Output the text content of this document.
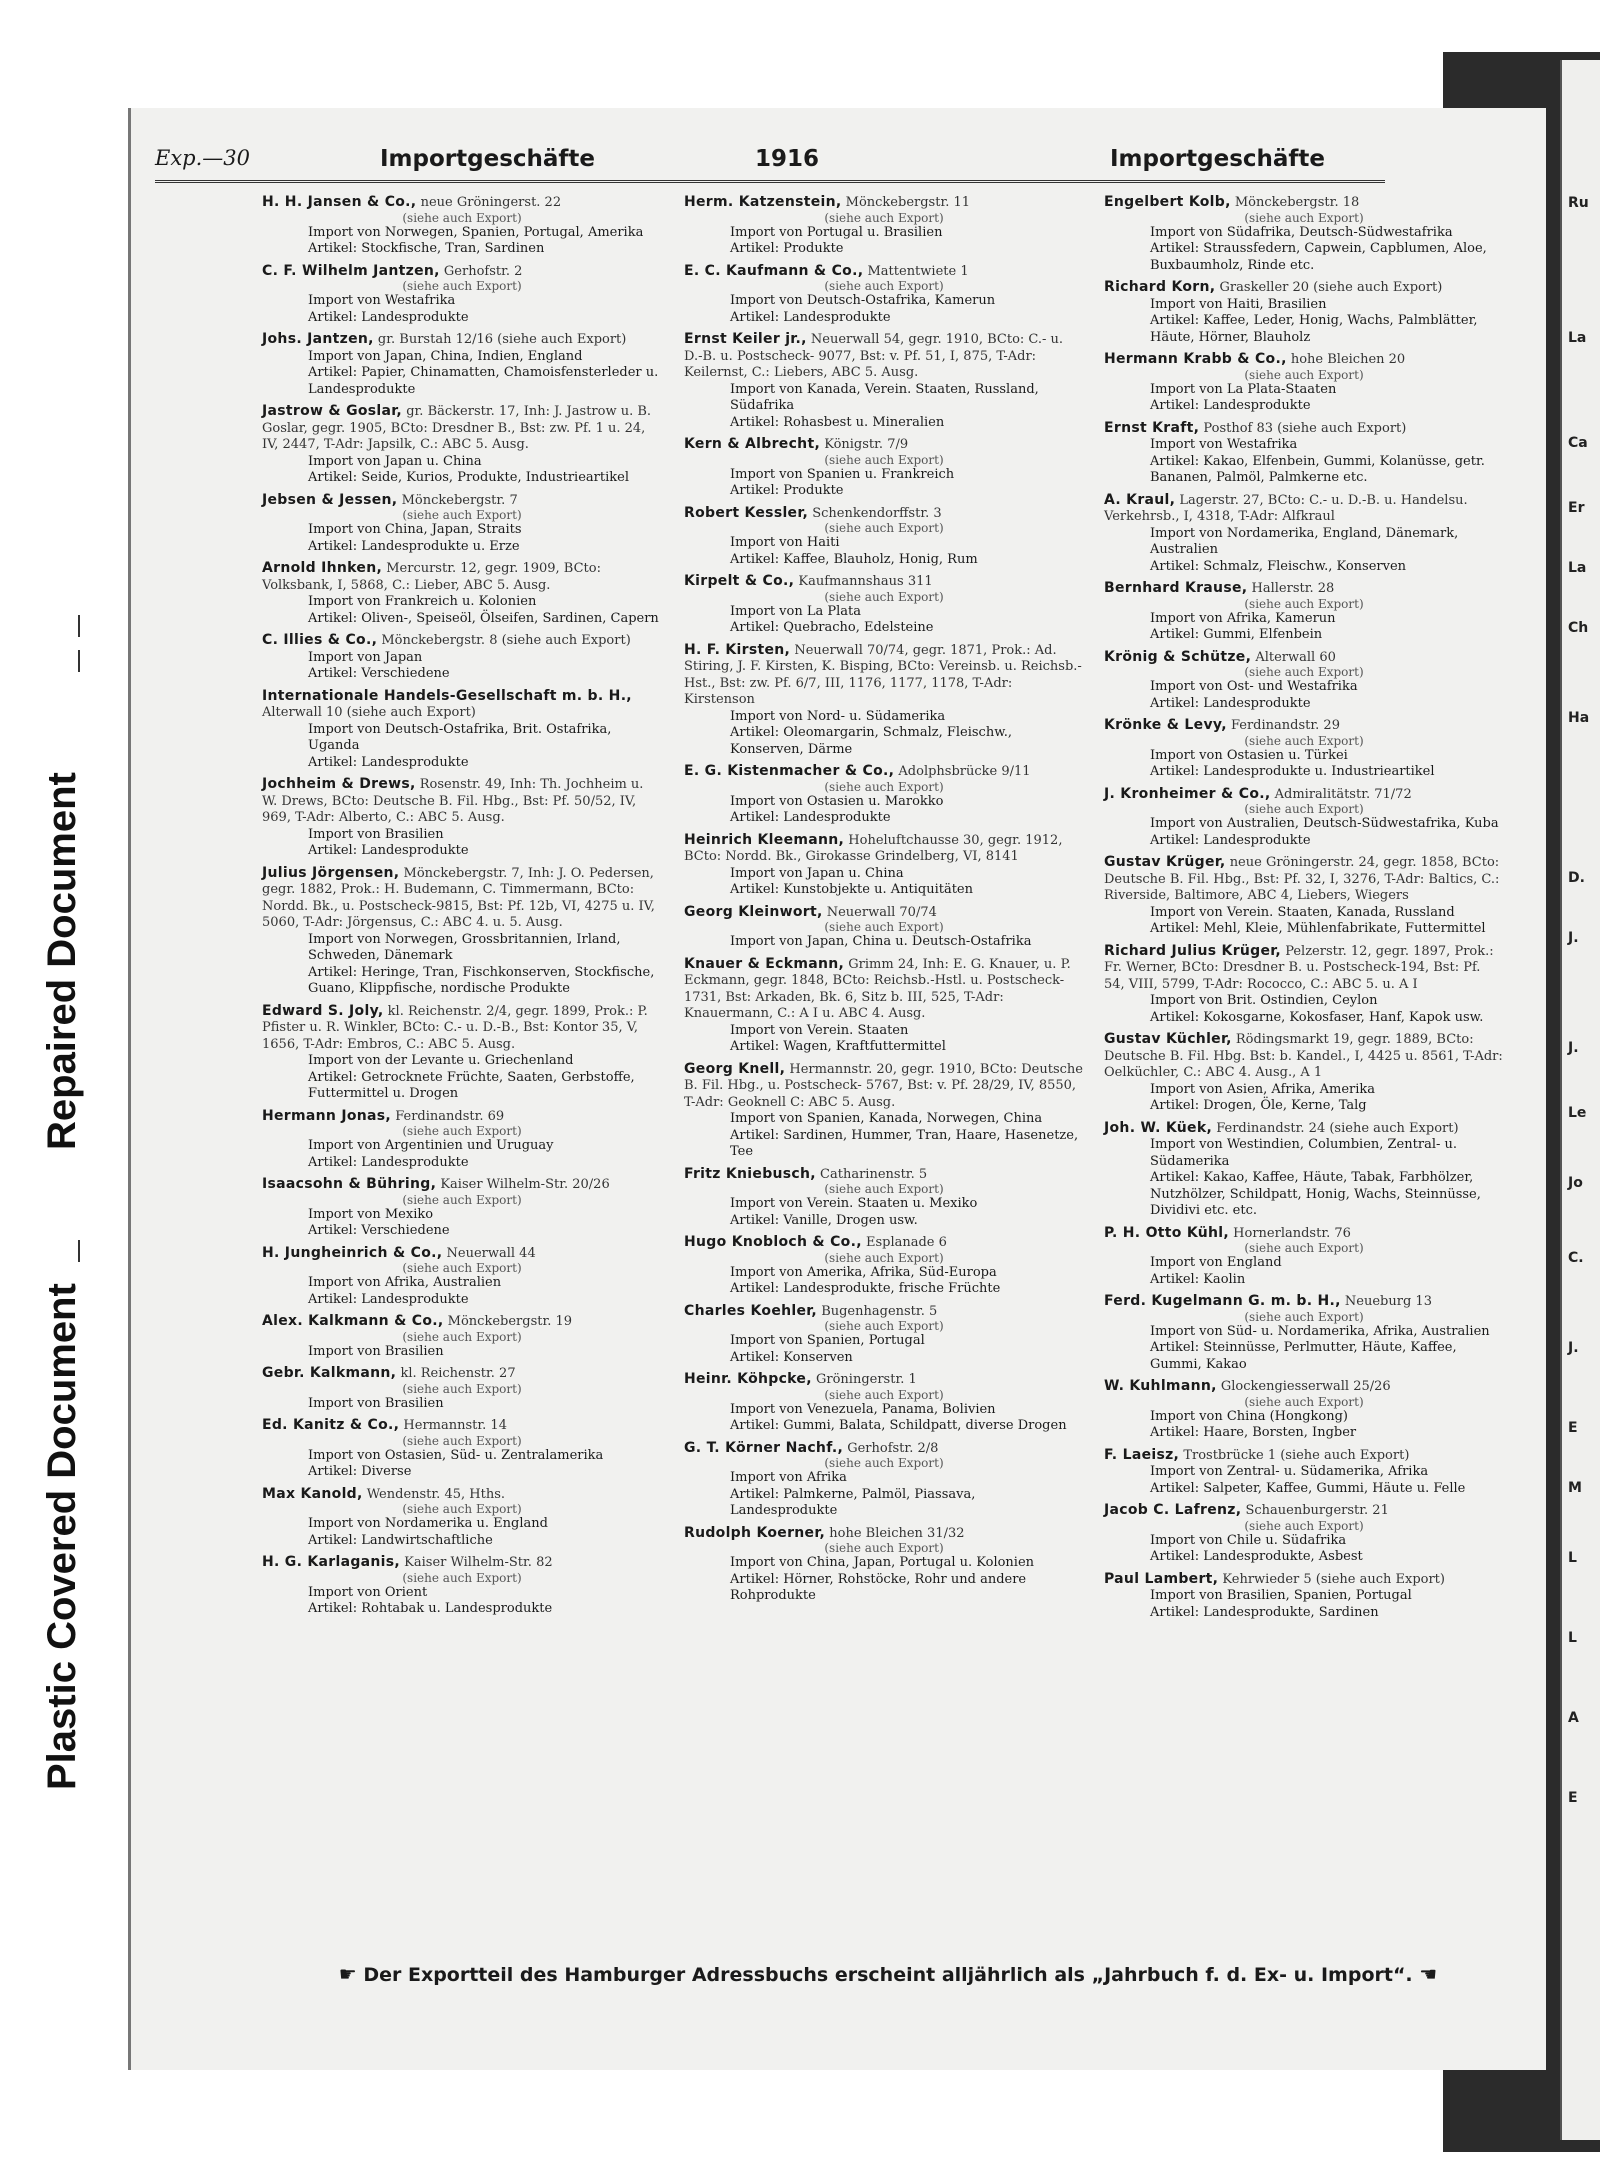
Repaired Document
Plastic Covered Document
Ru
La
Ca
Er
La
Ch
Ha
D.
J.
J.
Le
Jo
C.
J.
E
M
L
L
A
E
Exp.—30	Importgeschäfte	1916	Importgeschäfte
H. H. Jansen & Co., neue Gröningerst. 22
(siehe auch Export)
Import von Norwegen, Spanien, Portugal, Amerika
Artikel: Stockfische, Tran, Sardinen
C. F. Wilhelm Jantzen, Gerhofstr. 2
(siehe auch Export)
Import von Westafrika
Artikel: Landesprodukte
Johs. Jantzen, gr. Burstah 12/16 (siehe auch Export)
Import von Japan, China, Indien, England
Artikel: Papier, Chinamatten, Chamoisfensterleder u. Landesprodukte
Jastrow & Goslar, gr. Bäckerstr. 17, Inh: J. Jastrow u. B. Goslar, gegr. 1905, BCto: Dresdner B., Bst: zw. Pf. 1 u. 24, IV, 2447, T-Adr: Japsilk, C.: ABC 5. Ausg.
Import von Japan u. China
Artikel: Seide, Kurios, Produkte, Industrieartikel
Jebsen & Jessen, Mönckebergstr. 7
(siehe auch Export)
Import von China, Japan, Straits
Artikel: Landesprodukte u. Erze
Arnold Ihnken, Mercurstr. 12, gegr. 1909, BCto: Volksbank, I, 5868, C.: Lieber, ABC 5. Ausg.
Import von Frankreich u. Kolonien
Artikel: Oliven-, Speiseöl, Ölseifen, Sardinen, Capern
C. Illies & Co., Mönckebergstr. 8 (siehe auch Export)
Import von Japan
Artikel: Verschiedene
Internationale Handels-Gesellschaft m. b. H., Alterwall 10 (siehe auch Export)
Import von Deutsch-Ostafrika, Brit. Ostafrika, Uganda
Artikel: Landesprodukte
Jochheim & Drews, Rosenstr. 49, Inh: Th. Jochheim u. W. Drews, BCto: Deutsche B. Fil. Hbg., Bst: Pf. 50/52, IV, 969, T-Adr: Alberto, C.: ABC 5. Ausg.
Import von Brasilien
Artikel: Landesprodukte
Julius Jörgensen, Mönckebergstr. 7, Inh: J. O. Pedersen, gegr. 1882, Prok.: H. Budemann, C. Timmermann, BCto: Nordd. Bk., u. Postscheck-9815, Bst: Pf. 12b, VI, 4275 u. IV, 5060, T-Adr: Jörgensus, C.: ABC 4. u. 5. Ausg.
Import von Norwegen, Grossbritannien, Irland, Schweden, Dänemark
Artikel: Heringe, Tran, Fischkonserven, Stockfische, Guano, Klippfische, nordische Produkte
Edward S. Joly, kl. Reichenstr. 2/4, gegr. 1899, Prok.: P. Pfister u. R. Winkler, BCto: C.- u. D.-B., Bst: Kontor 35, V, 1656, T-Adr: Embros, C.: ABC 5. Ausg.
Import von der Levante u. Griechenland
Artikel: Getrocknete Früchte, Saaten, Gerbstoffe, Futtermittel u. Drogen
Hermann Jonas, Ferdinandstr. 69
(siehe auch Export)
Import von Argentinien und Uruguay
Artikel: Landesprodukte
Isaacsohn & Bühring, Kaiser Wilhelm-Str. 20/26
(siehe auch Export)
Import von Mexiko
Artikel: Verschiedene
H. Jungheinrich & Co., Neuerwall 44
(siehe auch Export)
Import von Afrika, Australien
Artikel: Landesprodukte
Alex. Kalkmann & Co., Mönckebergstr. 19
(siehe auch Export)
Import von Brasilien
Gebr. Kalkmann, kl. Reichenstr. 27
(siehe auch Export)
Import von Brasilien
Ed. Kanitz & Co., Hermannstr. 14
(siehe auch Export)
Import von Ostasien, Süd- u. Zentralamerika
Artikel: Diverse
Max Kanold, Wendenstr. 45, Hths.
(siehe auch Export)
Import von Nordamerika u. England
Artikel: Landwirtschaftliche
H. G. Karlaganis, Kaiser Wilhelm-Str. 82
(siehe auch Export)
Import von Orient
Artikel: Rohtabak u. Landesprodukte
Herm. Katzenstein, Mönckebergstr. 11
(siehe auch Export)
Import von Portugal u. Brasilien
Artikel: Produkte
E. C. Kaufmann & Co., Mattentwiete 1
(siehe auch Export)
Import von Deutsch-Ostafrika, Kamerun
Artikel: Landesprodukte
Ernst Keiler jr., Neuerwall 54, gegr. 1910, BCto: C.- u. D.-B. u. Postscheck- 9077, Bst: v. Pf. 51, I, 875, T-Adr: Keilernst, C.: Liebers, ABC 5. Ausg.
Import von Kanada, Verein. Staaten, Russland, Südafrika
Artikel: Rohasbest u. Mineralien
Kern & Albrecht, Königstr. 7/9
(siehe auch Export)
Import von Spanien u. Frankreich
Artikel: Produkte
Robert Kessler, Schenkendorffstr. 3
(siehe auch Export)
Import von Haiti
Artikel: Kaffee, Blauholz, Honig, Rum
Kirpelt & Co., Kaufmannshaus 311
(siehe auch Export)
Import von La Plata
Artikel: Quebracho, Edelsteine
H. F. Kirsten, Neuerwall 70/74, gegr. 1871, Prok.: Ad. Stiring, J. F. Kirsten, K. Bisping, BCto: Vereinsb. u. Reichsb.-Hst., Bst: zw. Pf. 6/7, III, 1176, 1177, 1178, T-Adr: Kirstenson
Import von Nord- u. Südamerika
Artikel: Oleomargarin, Schmalz, Fleischw., Konserven, Därme
E. G. Kistenmacher & Co., Adolphsbrücke 9/11
(siehe auch Export)
Import von Ostasien u. Marokko
Artikel: Landesprodukte
Heinrich Kleemann, Hoheluftchausse 30, gegr. 1912, BCto: Nordd. Bk., Girokasse Grindelberg, VI, 8141
Import von Japan u. China
Artikel: Kunstobjekte u. Antiquitäten
Georg Kleinwort, Neuerwall 70/74
(siehe auch Export)
Import von Japan, China u. Deutsch-Ostafrika
Knauer & Eckmann, Grimm 24, Inh: E. G. Knauer, u. P. Eckmann, gegr. 1848, BCto: Reichsb.-Hstl. u. Postscheck- 1731, Bst: Arkaden, Bk. 6, Sitz b. III, 525, T-Adr: Knauermann, C.: A I u. ABC 4. Ausg.
Import von Verein. Staaten
Artikel: Wagen, Kraftfuttermittel
Georg Knell, Hermannstr. 20, gegr. 1910, BCto: Deutsche B. Fil. Hbg., u. Postscheck- 5767, Bst: v. Pf. 28/29, IV, 8550, T-Adr: Geoknell C: ABC 5. Ausg.
Import von Spanien, Kanada, Norwegen, China
Artikel: Sardinen, Hummer, Tran, Haare, Hasenetze, Tee
Fritz Kniebusch, Catharinenstr. 5
(siehe auch Export)
Import von Verein. Staaten u. Mexiko
Artikel: Vanille, Drogen usw.
Hugo Knobloch & Co., Esplanade 6
(siehe auch Export)
Import von Amerika, Afrika, Süd-Europa
Artikel: Landesprodukte, frische Früchte
Charles Koehler, Bugenhagenstr. 5
(siehe auch Export)
Import von Spanien, Portugal
Artikel: Konserven
Heinr. Köhpcke, Gröningerstr. 1
(siehe auch Export)
Import von Venezuela, Panama, Bolivien
Artikel: Gummi, Balata, Schildpatt, diverse Drogen
G. T. Körner Nachf., Gerhofstr. 2/8
(siehe auch Export)
Import von Afrika
Artikel: Palmkerne, Palmöl, Piassava, Landesprodukte
Rudolph Koerner, hohe Bleichen 31/32
(siehe auch Export)
Import von China, Japan, Portugal u. Kolonien
Artikel: Hörner, Rohstöcke, Rohr und andere Rohprodukte
Engelbert Kolb, Mönckebergstr. 18
(siehe auch Export)
Import von Südafrika, Deutsch-Südwestafrika
Artikel: Straussfedern, Capwein, Capblumen, Aloe, Buxbaumholz, Rinde etc.
Richard Korn, Graskeller 20 (siehe auch Export)
Import von Haiti, Brasilien
Artikel: Kaffee, Leder, Honig, Wachs, Palmblätter, Häute, Hörner, Blauholz
Hermann Krabb & Co., hohe Bleichen 20
(siehe auch Export)
Import von La Plata-Staaten
Artikel: Landesprodukte
Ernst Kraft, Posthof 83 (siehe auch Export)
Import von Westafrika
Artikel: Kakao, Elfenbein, Gummi, Kolanüsse, getr. Bananen, Palmöl, Palmkerne etc.
A. Kraul, Lagerstr. 27, BCto: C.- u. D.-B. u. Handelsu. Verkehrsb., I, 4318, T-Adr: Alfkraul
Import von Nordamerika, England, Dänemark, Australien
Artikel: Schmalz, Fleischw., Konserven
Bernhard Krause, Hallerstr. 28
(siehe auch Export)
Import von Afrika, Kamerun
Artikel: Gummi, Elfenbein
Krönig & Schütze, Alterwall 60
(siehe auch Export)
Import von Ost- und Westafrika
Artikel: Landesprodukte
Krönke & Levy, Ferdinandstr. 29
(siehe auch Export)
Import von Ostasien u. Türkei
Artikel: Landesprodukte u. Industrieartikel
J. Kronheimer & Co., Admiralitätstr. 71/72
(siehe auch Export)
Import von Australien, Deutsch-Südwestafrika, Kuba
Artikel: Landesprodukte
Gustav Krüger, neue Gröningerstr. 24, gegr. 1858, BCto: Deutsche B. Fil. Hbg., Bst: Pf. 32, I, 3276, T-Adr: Baltics, C.: Riverside, Baltimore, ABC 4, Liebers, Wiegers
Import von Verein. Staaten, Kanada, Russland
Artikel: Mehl, Kleie, Mühlenfabrikate, Futtermittel
Richard Julius Krüger, Pelzerstr. 12, gegr. 1897, Prok.: Fr. Werner, BCto: Dresdner B. u. Postscheck-194, Bst: Pf. 54, VIII, 5799, T-Adr: Rococco, C.: ABC 5. u. A I
Import von Brit. Ostindien, Ceylon
Artikel: Kokosgarne, Kokosfaser, Hanf, Kapok usw.
Gustav Küchler, Rödingsmarkt 19, gegr. 1889, BCto: Deutsche B. Fil. Hbg. Bst: b. Kandel., I, 4425 u. 8561, T-Adr: Oelküchler, C.: ABC 4. Ausg., A 1
Import von Asien, Afrika, Amerika
Artikel: Drogen, Öle, Kerne, Talg
Joh. W. Küek, Ferdinandstr. 24 (siehe auch Export)
Import von Westindien, Columbien, Zentral- u. Südamerika
Artikel: Kakao, Kaffee, Häute, Tabak, Farbhölzer, Nutzhölzer, Schildpatt, Honig, Wachs, Steinnüsse, Dividivi etc. etc.
P. H. Otto Kühl, Hornerlandstr. 76
(siehe auch Export)
Import von England
Artikel: Kaolin
Ferd. Kugelmann G. m. b. H., Neueburg 13
(siehe auch Export)
Import von Süd- u. Nordamerika, Afrika, Australien
Artikel: Steinnüsse, Perlmutter, Häute, Kaffee, Gummi, Kakao
W. Kuhlmann, Glockengiesserwall 25/26
(siehe auch Export)
Import von China (Hongkong)
Artikel: Haare, Borsten, Ingber
F. Laeisz, Trostbrücke 1 (siehe auch Export)
Import von Zentral- u. Südamerika, Afrika
Artikel: Salpeter, Kaffee, Gummi, Häute u. Felle
Jacob C. Lafrenz, Schauenburgerstr. 21
(siehe auch Export)
Import von Chile u. Südafrika
Artikel: Landesprodukte, Asbest
Paul Lambert, Kehrwieder 5 (siehe auch Export)
Import von Brasilien, Spanien, Portugal
Artikel: Landesprodukte, Sardinen
☛ Der Exportteil des Hamburger Adressbuchs erscheint alljährlich als „Jahrbuch f. d. Ex- u. Import“. ☚
